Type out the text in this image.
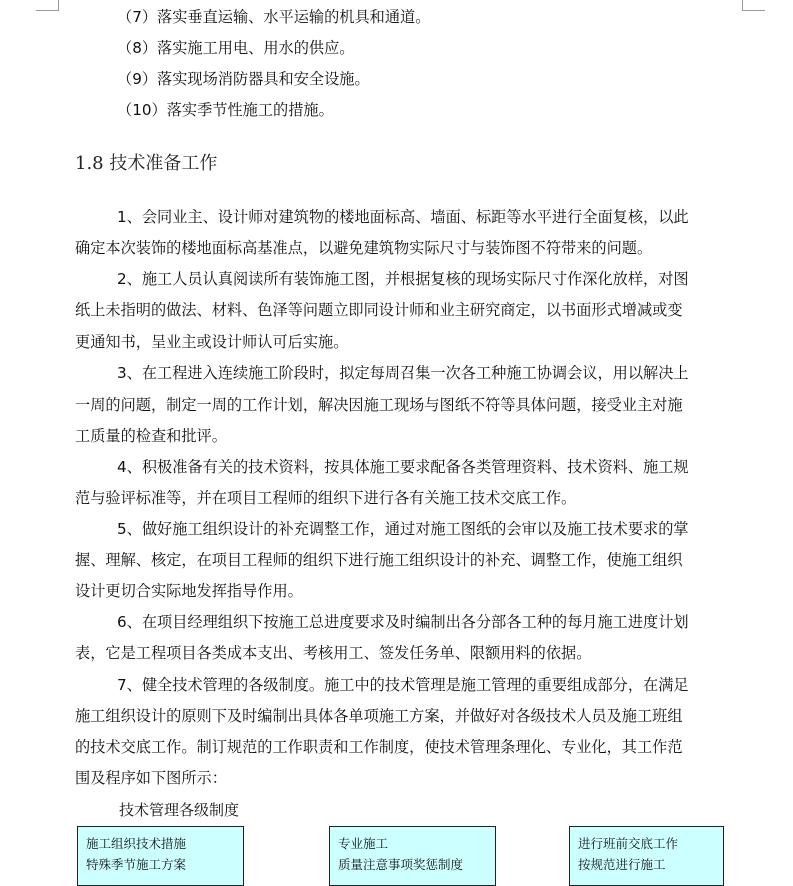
（7）落实垂直运输、水平运输的机具和通道。
（8）落实施工用电、用水的供应。
（9）落实现场消防器具和安全设施。
（10）落实季节性施工的措施。
1.8 技术准备工作
1、会同业主、设计师对建筑物的楼地面标高、墙面、标距等水平进行全面复核，以此
确定本次装饰的楼地面标高基准点，以避免建筑物实际尺寸与装饰图不符带来的问题。
2、施工人员认真阅读所有装饰施工图，并根据复核的现场实际尺寸作深化放样，对图
纸上未指明的做法、材料、色泽等问题立即同设计师和业主研究商定，以书面形式增减或变
更通知书，呈业主或设计师认可后实施。
3、在工程进入连续施工阶段时，拟定每周召集一次各工种施工协调会议，用以解决上
一周的问题，制定一周的工作计划，解决因施工现场与图纸不符等具体问题，接受业主对施
工质量的检查和批评。
4、积极准备有关的技术资料，按具体施工要求配备各类管理资料、技术资料、施工规
范与验评标准等，并在项目工程师的组织下进行各有关施工技术交底工作。
5、做好施工组织设计的补充调整工作，通过对施工图纸的会审以及施工技术要求的掌
握、理解、核定，在项目工程师的组织下进行施工组织设计的补充、调整工作，使施工组织
设计更切合实际地发挥指导作用。
6、在项目经理组织下按施工总进度要求及时编制出各分部各工种的每月施工进度计划
表，它是工程项目各类成本支出、考核用工、签发任务单、限额用料的依据。
7、健全技术管理的各级制度。施工中的技术管理是施工管理的重要组成部分，在满足
施工组织设计的原则下及时编制出具体各单项施工方案，并做好对各级技术人员及施工班组
的技术交底工作。制订规范的工作职责和工作制度，使技术管理条理化、专业化，其工作范
围及程序如下图所示：
技术管理各级制度
施工组织技术措施
特殊季节施工方案
专业施工
质量注意事项奖惩制度
进行班前交底工作
按规范进行施工
